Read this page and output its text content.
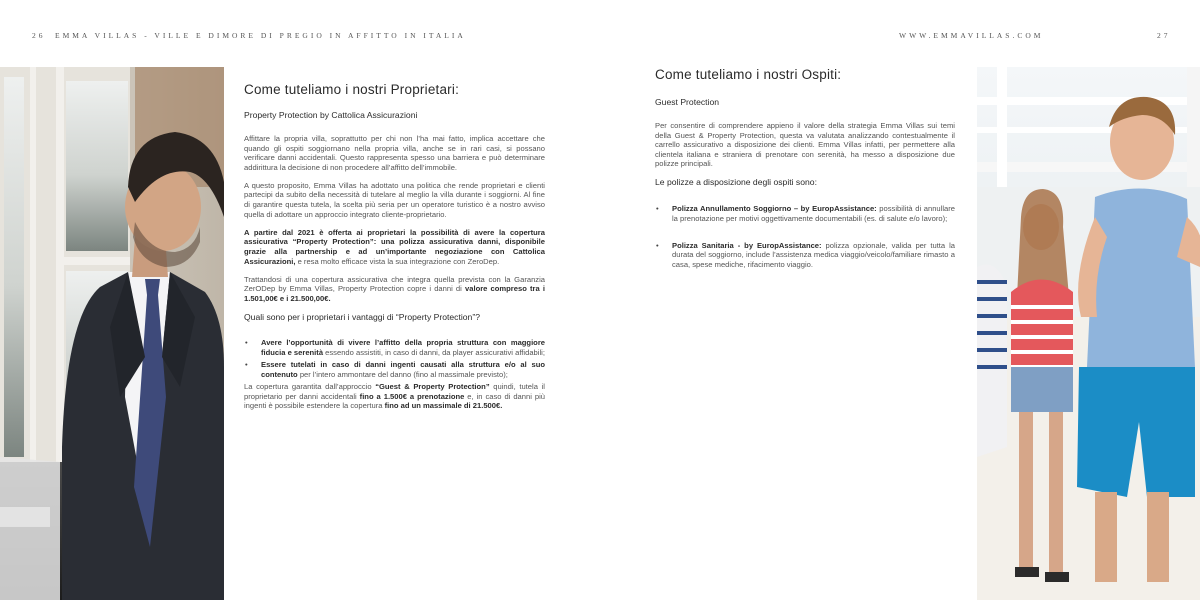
26 EMMA VILLAS - VILLE E DIMORE DI PREGIO IN AFFITTO IN ITALIA	WWW.EMMAVILLAS.COM	27
Come tuteliamo i nostri Proprietari:
Property Protection by Cattolica Assicurazioni

Affittare la propria villa, soprattutto per chi non l’ha mai fatto, implica accettare che quando gli ospiti soggiornano nella propria villa, anche se in rari casi, si possano verificare danni accidentali. Questo rappresenta spesso una barriera e può determinare addirittura la decisione di non procedere all’affitto dell’immobile.

A questo proposito, Emma Villas ha adottato una politica che rende proprietari e clienti partecipi da subito della necessità di tutelare al meglio la villa durante i soggiorni. Al fine di garantire questa tutela, la scelta più seria per un operatore turistico è a nostro avviso quella di adottare un approccio integrato cliente-proprietario.

A partire dal 2021 è offerta ai proprietari la possibilità di avere la copertura assicurativa “Property Protection”: una polizza assicurativa danni, disponibile grazie alla partnership e ad un’importante negoziazione con Cattolica Assicurazioni, e resa molto efficace vista la sua integrazione con ZeroDep.

Trattandosi di una copertura assicurativa che integra quella prevista con la Garanzia ZerODep by Emma Villas, Property Protection copre i danni di valore compreso tra i 1.501,00€ e i 21.500,00€.

Quali sono per i proprietari i vantaggi di “Property Protection”?
• Avere l’opportunità di vivere l’affitto della propria struttura con maggiore fiducia e serenità essendo assistiti, in caso di danni, da player assicurativi affidabili;
• Essere tutelati in caso di danni ingenti causati alla struttura e/o al suo contenuto per l’intero ammontare del danno (fino al massimale previsto);

La copertura garantita dall’approccio “Guest & Property Protection” quindi, tutela il proprietario per danni accidentali fino a 1.500€ a prenotazione e, in caso di danni più ingenti è possibile estendere la copertura fino ad un massimale di 21.500€.

Come tuteliamo i nostri Ospiti:
Guest Protection

Per consentire di comprendere appieno il valore della strategia Emma Villas sui temi della Guest & Property Protection, questa va valutata analizzando contestualmente il carrello assicurativo a disposizione dei clienti. Emma Villas infatti, per permettere alla clientela italiana e straniera di prenotare con serenità, ha messo a disposizione due polizze principali.

Le polizze a disposizione degli ospiti sono:
• Polizza Annullamento Soggiorno – by EuropAssistance: possibilità di annullare la prenotazione per motivi oggettivamente documentabili (es. di salute e/o lavoro);
• Polizza Sanitaria - by EuropAssistance: polizza opzionale, valida per tutta la durata del soggiorno, include l’assistenza medica viaggio/veicolo/familiare rimasto a casa, spese mediche, rifacimento viaggio.
